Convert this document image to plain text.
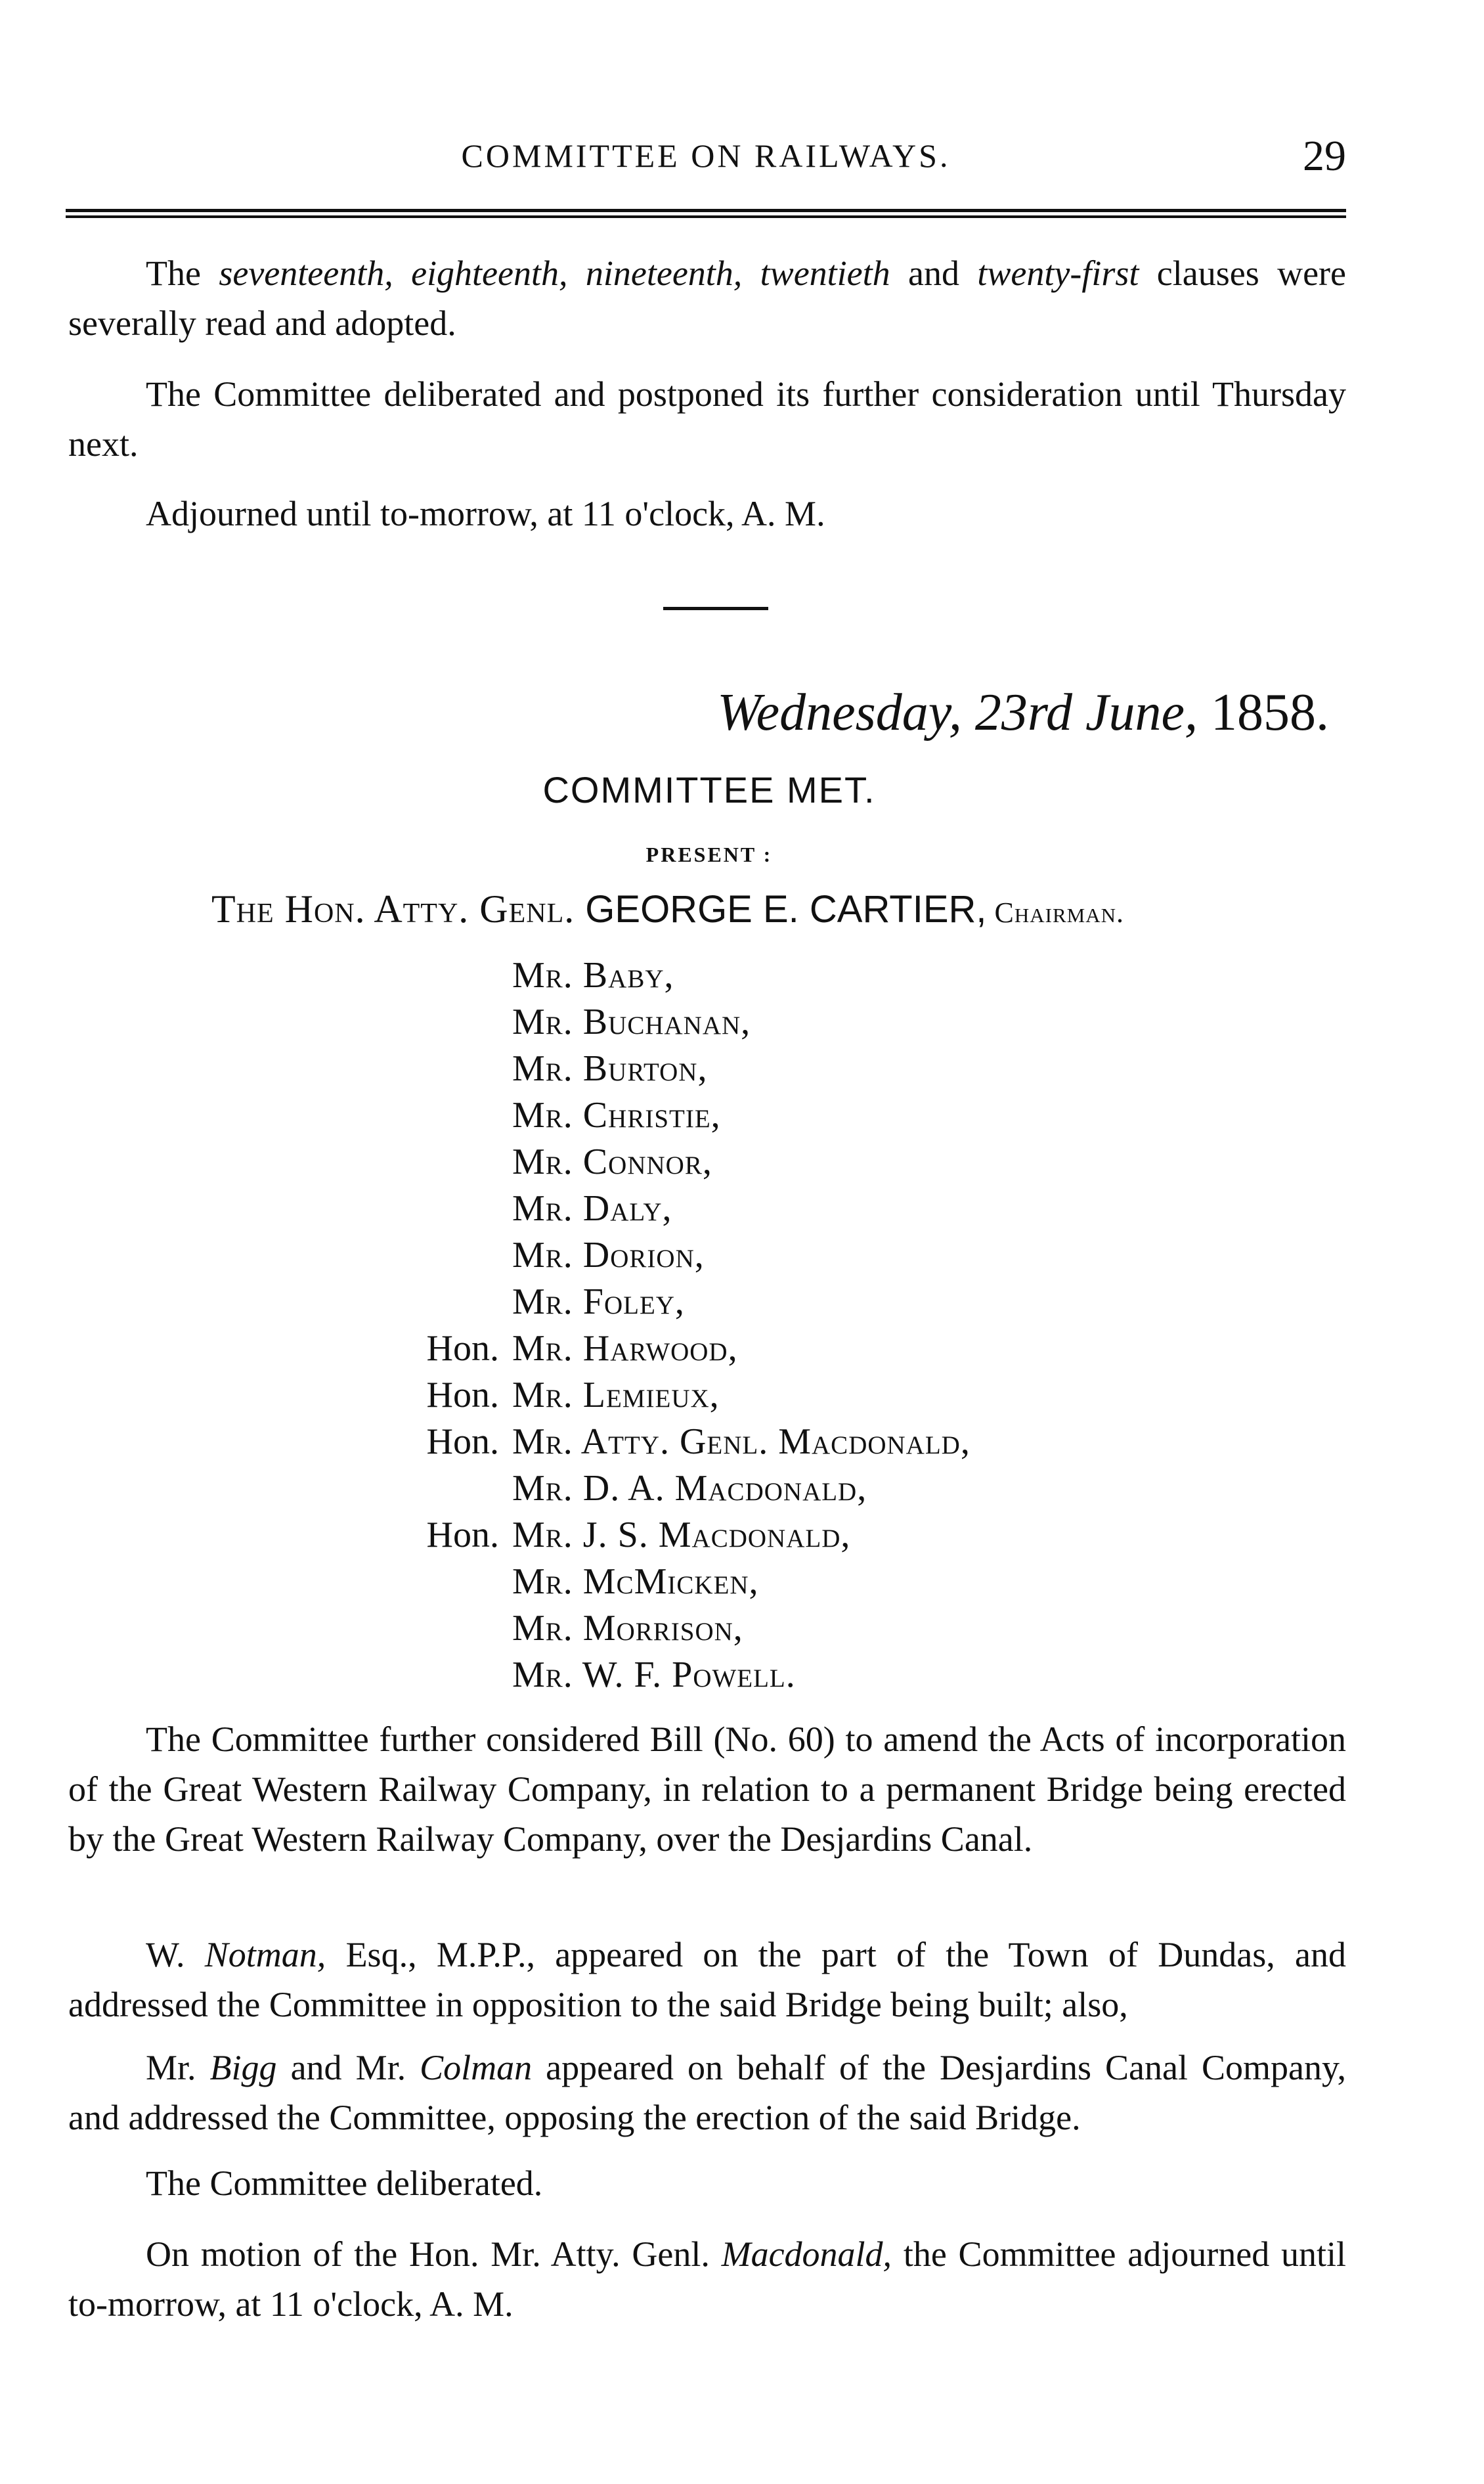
COMMITTEE ON RAILWAYS.	29

The seventeenth, eighteenth, nineteenth, twentieth and twenty-first clauses were severally read and adopted.

The Committee deliberated and postponed its further consideration until Thursday next.

Adjourned until to-morrow, at 11 o'clock, A. M.

Wednesday, 23rd June, 1858.
COMMITTEE MET.
PRESENT :
The Hon. Atty. Genl. GEORGE E. CARTIER, Chairman.
Mr. Baby,
Mr. Buchanan,
Mr. Burton,
Mr. Christie,
Mr. Connor,
Mr. Daly,
Mr. Dorion,
Mr. Foley,
Hon. Mr. Harwood,
Hon. Mr. Lemieux,
Hon. Mr. Atty. Genl. Macdonald,
Mr. D. A. Macdonald,
Hon. Mr. J. S. Macdonald,
Mr. McMicken,
Mr. Morrison,
Mr. W. F. Powell.

The Committee further considered Bill (No. 60) to amend the Acts of incorporation of the Great Western Railway Company, in relation to a permanent Bridge being erected by the Great Western Railway Company, over the Desjardins Canal.

W. Notman, Esq., M.P.P., appeared on the part of the Town of Dundas, and addressed the Committee in opposition to the said Bridge being built; also,

Mr. Bigg and Mr. Colman appeared on behalf of the Desjardins Canal Company, and addressed the Committee, opposing the erection of the said Bridge.

The Committee deliberated.

On motion of the Hon. Mr. Atty. Genl. Macdonald, the Committee adjourned until to-morrow, at 11 o'clock, A. M.
